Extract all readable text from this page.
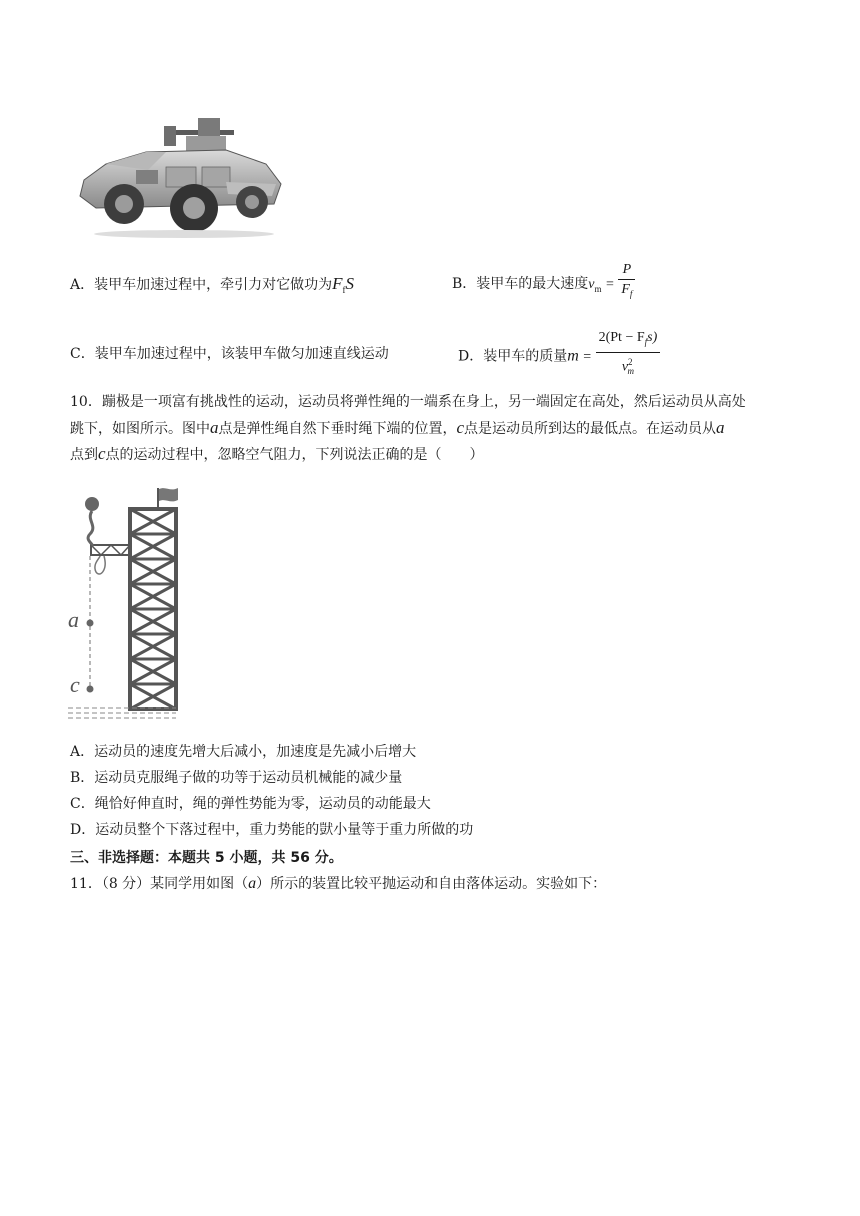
A．装甲车加速过程中，牵引力对它做功为$F_fS$	B．装甲车的最大速度$v_m = \frac{P}{F_f}$
C．装甲车加速过程中，该装甲车做匀加速直线运动	D．装甲车的质量$m = \frac{2(Pt - F_fs)}{v^2_m}$
10．蹦极是一项富有挑战性的运动，运动员将弹性绳的一端系在身上，另一端固定在高处，然后运动员从高处
跳下，如图所示。图中a点是弹性绳自然下垂时绳下端的位置，c点是运动员所到达的最低点。在运动员从a
点到c点的运动过程中，忽略空气阻力，下列说法正确的是（　　）
a
c
A．运动员的速度先增大后减小，加速度是先减小后增大
B．运动员克服绳子做的功等于运动员机械能的减少量
C．绳恰好伸直时，绳的弹性势能为零，运动员的动能最大
D．运动员整个下落过程中，重力势能的獃小量等于重力所做的功
三、非选择题：本题共 5 小题，共 56 分。
11．（8 分）某同学用如图（a）所示的装置比较平抛运动和自由落体运动。实验如下：
